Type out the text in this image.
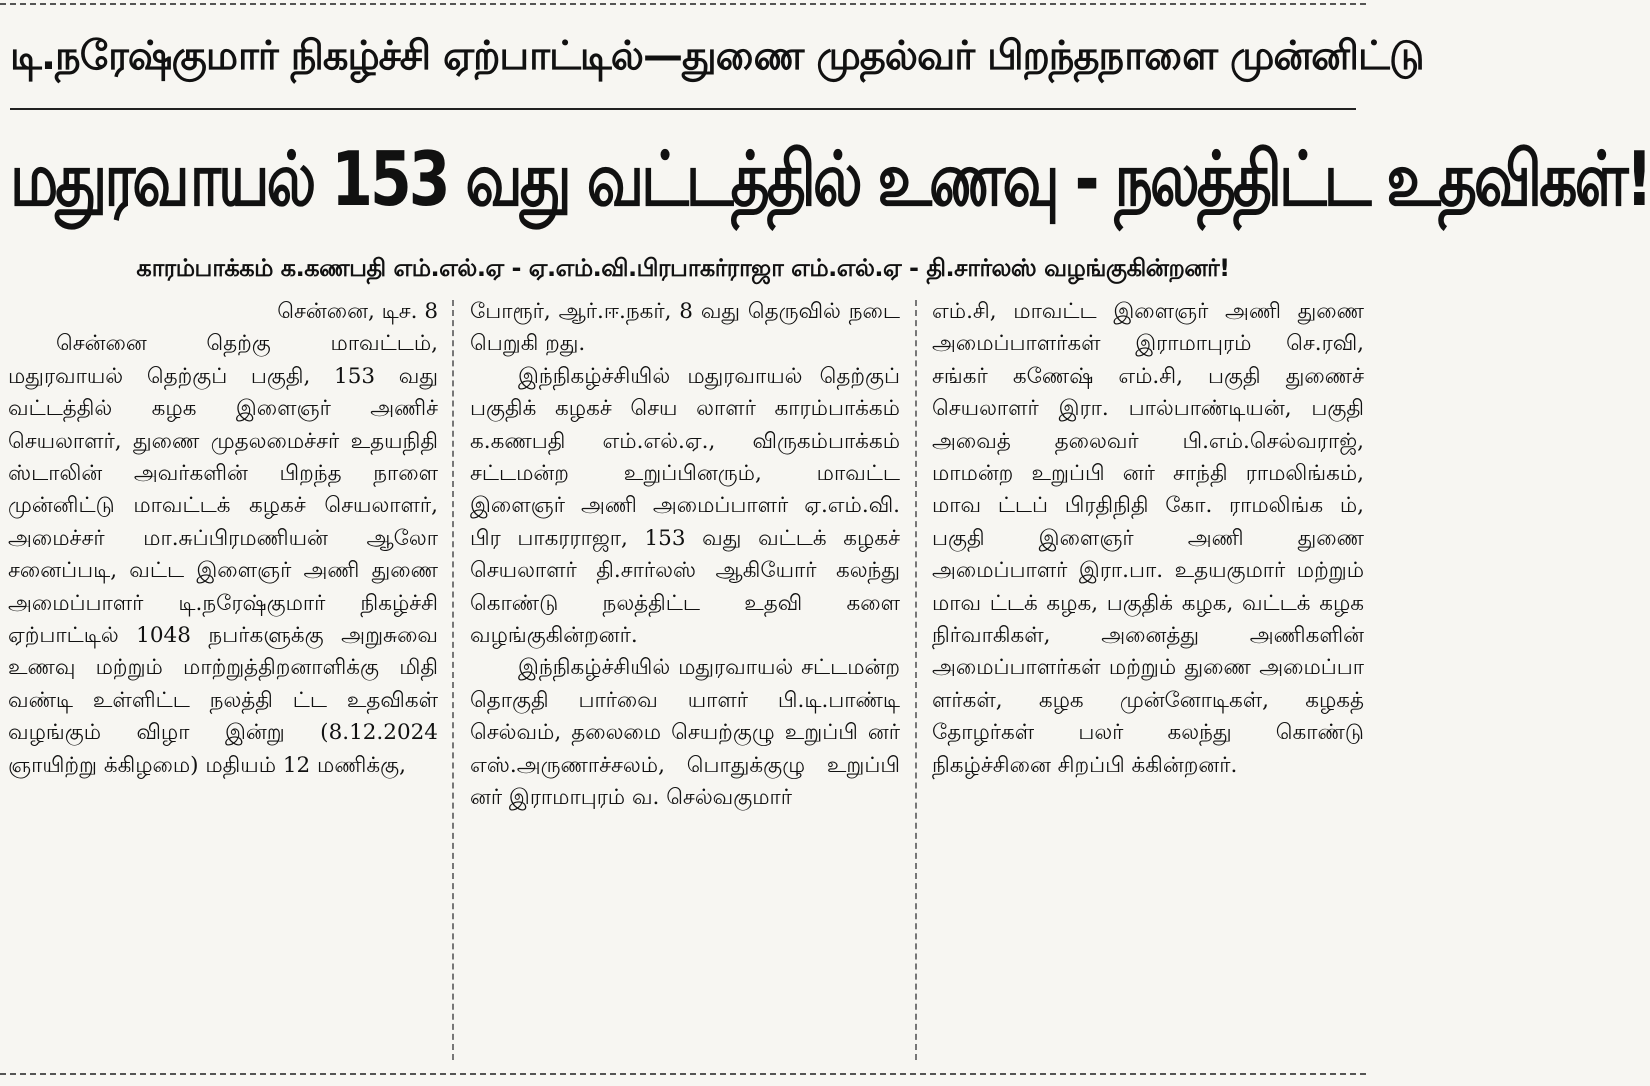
டி.நரேஷ்குமார் நிகழ்ச்சி ஏற்பாட்டில்— துணை முதல்வர் பிறந்தநாளை முன்னிட்டு
மதுரவாயல் 153 வது வட்டத்தில் உணவு - நலத்திட்ட உதவிகள்!
காரம்பாக்கம் க.கணபதி எம்.எல்.ஏ - ஏ.எம்.வி.பிரபாகர்ராஜா எம்.எல்.ஏ - தி.சார்லஸ் வழங்குகின்றனர்!

சென்னை, டிச. 8

சென்னை தெற்கு மாவட்டம், மதுரவாயல் தெற்குப் பகுதி, 153 வது வட்டத்தில் கழக இளைஞர் அணிச் செயலாளர், துணை முதலமைச்சர் உதயநிதி ஸ்டாலின் அவர்களின் பிறந்த நாளை முன்னிட்டு மாவட்டக் கழகச் செயலாளர், அமைச்சர் மா.சுப்பிரமணியன் ஆலோ சனைப்படி, வட்ட இளைஞர் அணி துணை அமைப்பாளர் டி.நரேஷ்குமார் நிகழ்ச்சி ஏற்பாட்டில் 1048 நபர்களுக்கு அறுசுவை உணவு மற்றும் மாற்றுத்திறனாளிக்கு மிதி வண்டி உள்ளிட்ட நலத்தி ட்ட உதவிகள் வழங்கும் விழா இன்று (8.12.2024 ஞாயிற்று க்கிழமை) மதியம் 12 மணிக்கு,

போரூர், ஆர்.ஈ.நகர், 8 வது தெருவில் நடை பெறுகி றது.

இந்நிகழ்ச்சியில் மதுரவாயல் தெற்குப் பகுதிக் கழகச் செய லாளர் காரம்பாக்கம் க.கணபதி எம்.எல்.ஏ., விருகம்பாக்கம் சட்டமன்ற உறுப்பினரும், மாவட்ட இளைஞர் அணி அமைப்பாளர் ஏ.எம்.வி. பிர பாகரராஜா, 153 வது வட்டக் கழகச் செயலாளர் தி.சார்லஸ் ஆகியோர் கலந்து கொண்டு நலத்திட்ட உதவி களை வழங்குகின்றனர்.

இந்நிகழ்ச்சியில் மதுரவாயல் சட்டமன்ற தொகுதி பார்வை யாளர் பி.டி.பாண்டி செல்வம், தலைமை செயற்குழு உறுப்பி னர் எஸ்.அருணாச்சலம், பொதுக்குழு உறுப்பி னர் இராமாபுரம் வ. செல்வகுமார்

எம்.சி, மாவட்ட இளைஞர் அணி துணை அமைப்பாளர்கள் இராமாபுரம் செ.ரவி, சங்கர் கணேஷ் எம்.சி, பகுதி துணைச் செயலாளர் இரா. பால்பாண்டியன், பகுதி அவைத் தலைவர் பி.எம்.செல்வராஜ், மாமன்ற உறுப்பி னர் சாந்தி ராமலிங்கம், மாவ ட்டப் பிரதிநிதி கோ. ராமலிங்க ம், பகுதி இளைஞர் அணி துணை அமைப்பாளர் இரா.பா. உதயகுமார் மற்றும் மாவ ட்டக் கழக, பகுதிக் கழக, வட்டக் கழக நிர்வாகிகள், அனைத்து அணிகளின் அமைப்பாளர்கள் மற்றும் துணை அமைப்பா ளர்கள், கழக முன்னோடிகள், கழகத் தோழர்கள் பலர் கலந்து கொண்டு நிகழ்ச்சினை சிறப்பி க்கின்றனர்.
